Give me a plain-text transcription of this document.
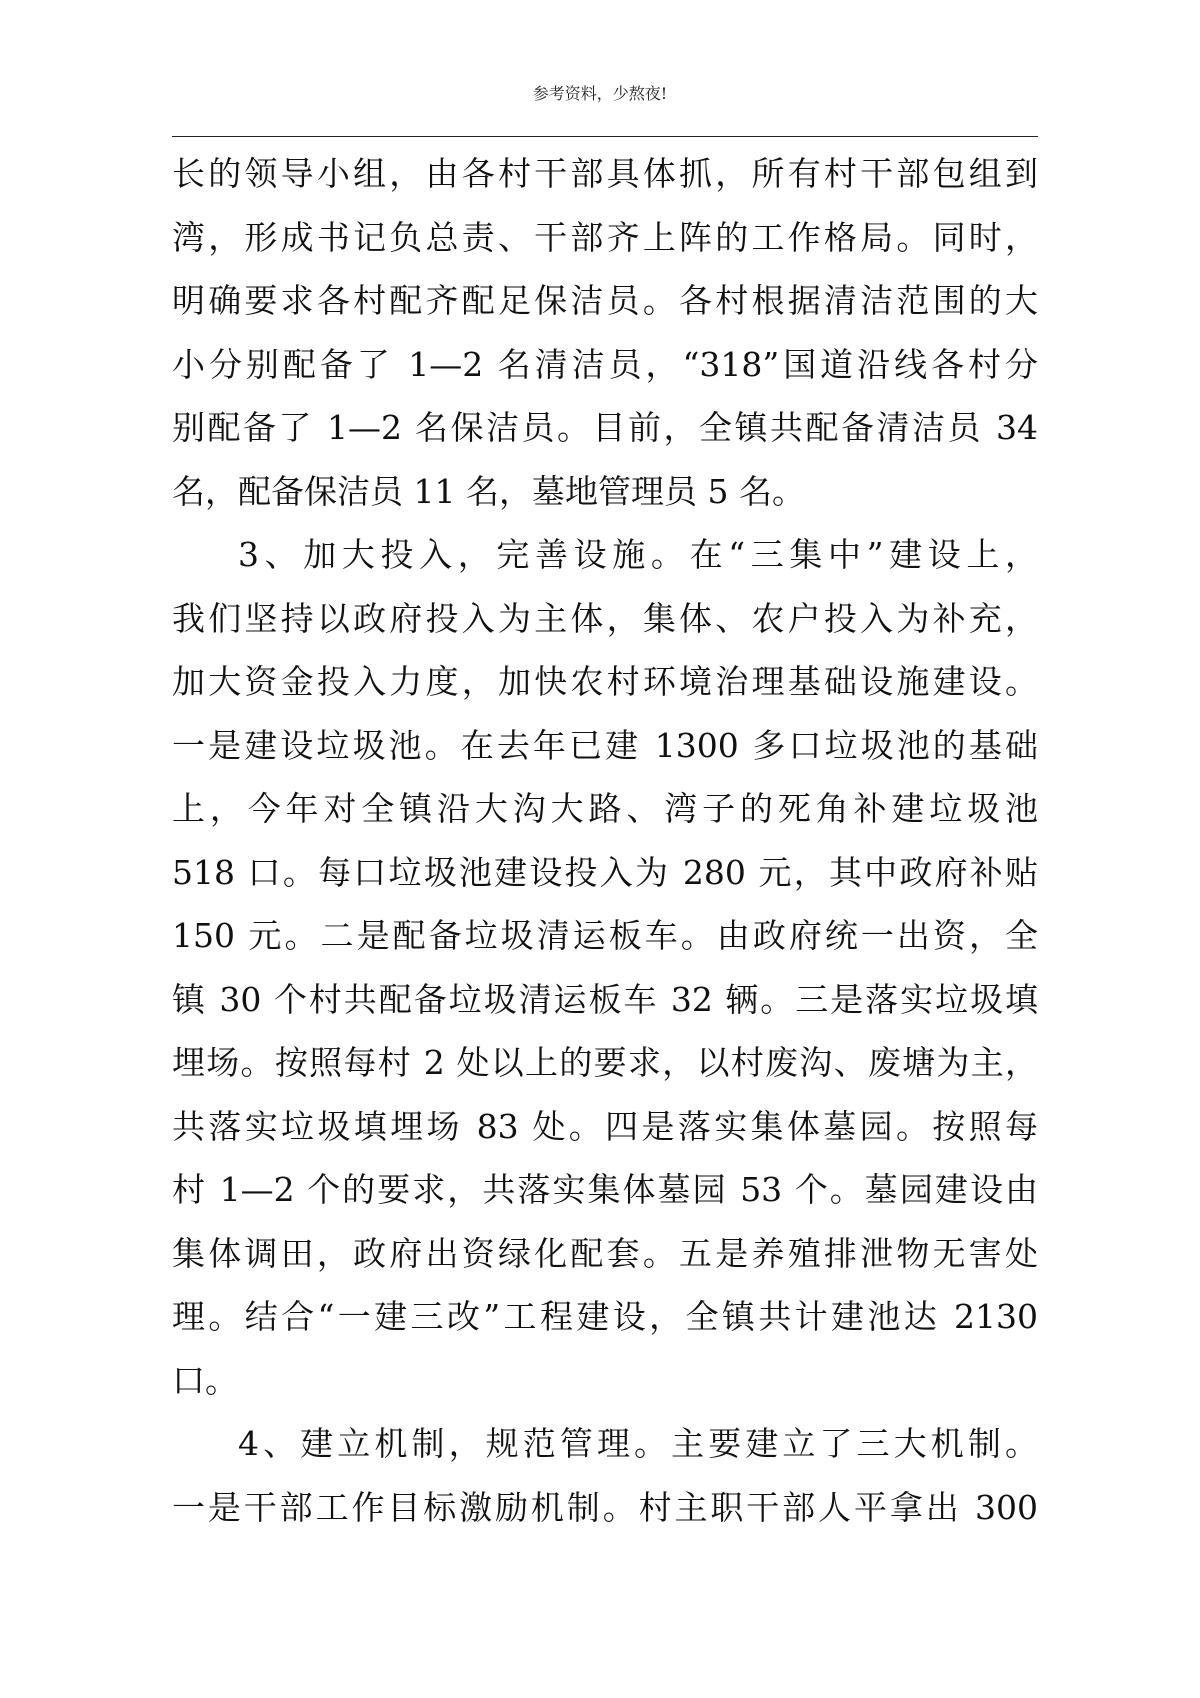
参考资料，少熬夜!
长的领导小组，由各村干部具体抓，所有村干部包组到
湾，形成书记负总责、干部齐上阵的工作格局。同时，
明确要求各村配齐配足保洁员。各村根据清洁范围的大
小分别配备了 1—2 名清洁员，“318”国道沿线各村分
别配备了 1—2 名保洁员。目前，全镇共配备清洁员 34
名，配备保洁员 11 名，墓地管理员 5 名。
3、加大投入，完善设施。在“三集中”建设上，
我们坚持以政府投入为主体，集体、农户投入为补充，
加大资金投入力度，加快农村环境治理基础设施建设。
一是建设垃圾池。在去年已建 1300 多口垃圾池的基础
上，今年对全镇沿大沟大路、湾子的死角补建垃圾池
518 口。每口垃圾池建设投入为 280 元，其中政府补贴
150 元。二是配备垃圾清运板车。由政府统一出资，全
镇 30 个村共配备垃圾清运板车 32 辆。三是落实垃圾填
埋场。按照每村 2 处以上的要求，以村废沟、废塘为主，
共落实垃圾填埋场 83 处。四是落实集体墓园。按照每
村 1—2 个的要求，共落实集体墓园 53 个。墓园建设由
集体调田，政府出资绿化配套。五是养殖排泄物无害处
理。结合“一建三改”工程建设，全镇共计建池达 2130
口。
4、建立机制，规范管理。主要建立了三大机制。
一是干部工作目标激励机制。村主职干部人平拿出 300
